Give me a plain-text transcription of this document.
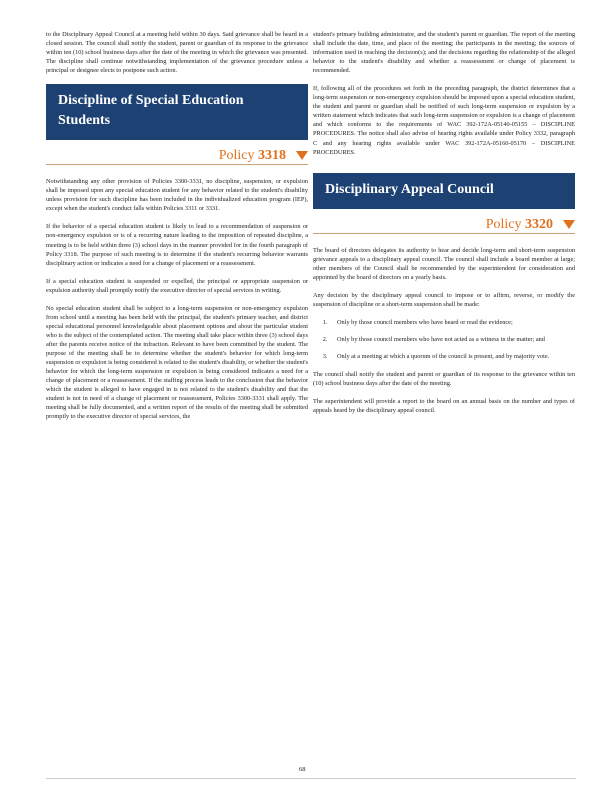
to the Disciplinary Appeal Council at a meeting held within 30 days. Said grievance shall be heard in a closed session. The council shall notify the student, parent or guardian of its response to the grievance within ten (10) school business days after the date of the meeting in which the grievance was presented. The discipline shall continue notwithstanding implementation of the grievance procedure unless a principal or designee elects to postpone such action.

Discipline of Special Education Students
Policy 3318

Notwithstanding any other provision of Policies 3300-3331, no discipline, suspension, or expulsion shall be imposed upon any special education student for any behavior related to the student's disability unless provision for such discipline has been included in the individualized education program (IEP), except when the student's conduct falls within Policies 3311 or 3331.

If the behavior of a special education student is likely to lead to a recommendation of suspension or non-emergency expulsion or is of a recurring nature leading to the imposition of repeated discipline, a meeting is to be held within three (3) school days in the manner provided for in the fourth paragraph of Policy 3318. The purpose of such meeting is to determine if the student's recurring behavior warrants disciplinary action or indicates a need for a change of placement or a reassessment.

If a special education student is suspended or expelled, the principal or appropriate suspension or expulsion authority shall promptly notify the executive director of special services in writing.

No special education student shall be subject to a long-term suspension or non-emergency expulsion from school until a meeting has been held with the principal, the student's primary teacher, and district special educational personnel knowledgeable about placement options and about the particular student who is the subject of the contemplated action. The meeting shall take place within three (3) school days after the parents receive notice of the infraction. Relevant to have been committed by the student. The purpose of the meeting shall be to determine whether the student's behavior for which long-term suspension or expulsion is being considered is related to the student's disability, or whether the student's behavior for which the long-term suspension or expulsion is being considered indicates a need for a change of placement or a reassessment. If the staffing process leads to the conclusion that the behavior which the student is alleged to have engaged in is not related to the student's disability and that the student is not in need of a change of placement or reassessment, Policies 3300-3331 shall apply. The meeting shall be fully documented, and a written report of the results of the meeting shall be submitted promptly to the executive director of special services, the

student's primary building administrator, and the student's parent or guardian. The report of the meeting shall include the date, time, and place of the meeting; the participants in the meeting; the sources of information used in reaching the decision(s); and the decisions regarding the relationship of the alleged behavior to the student's disability and whether a reassessment or change of placement is recommended.

If, following all of the procedures set forth in the preceding paragraph, the district determines that a long-term suspension or non-emergency expulsion should be imposed upon a special education student, the student and parent or guardian shall be notified of such long-term suspension or expulsion by a written statement which indicates that such long-term suspension or expulsion is a change of placement and which conforms to the requirements of WAC 392-172A-05140-05155 – DISCIPLINE PROCEDURES. The notice shall also advise of hearing rights available under Policy 3332, paragraph C and any hearing rights available under WAC 392-172A-05160-05170 – DISCIPLINE PROCEDURES.

Disciplinary Appeal Council
Policy 3320

The board of directors delegates its authority to hear and decide long-term and short-term suspension grievance appeals to a disciplinary appeal council. The council shall include a board member at large; other members of the Council shall be recommended by the superintendent for consideration and appointed by the board of directors on a yearly basis.

Any decision by the disciplinary appeal council to impose or to affirm, reverse, or modify the suspension of discipline or a short-term suspension shall be made:

1. Only by those council members who have heard or read the evidence;
2. Only by those council members who have not acted as a witness in the matter; and
3. Only at a meeting at which a quorum of the council is present, and by majority vote.

The council shall notify the student and parent or guardian of its response to the grievance within ten (10) school business days after the date of the meeting.

The superintendent will provide a report to the board on an annual basis on the number and types of appeals heard by the disciplinary appeal council.

68
